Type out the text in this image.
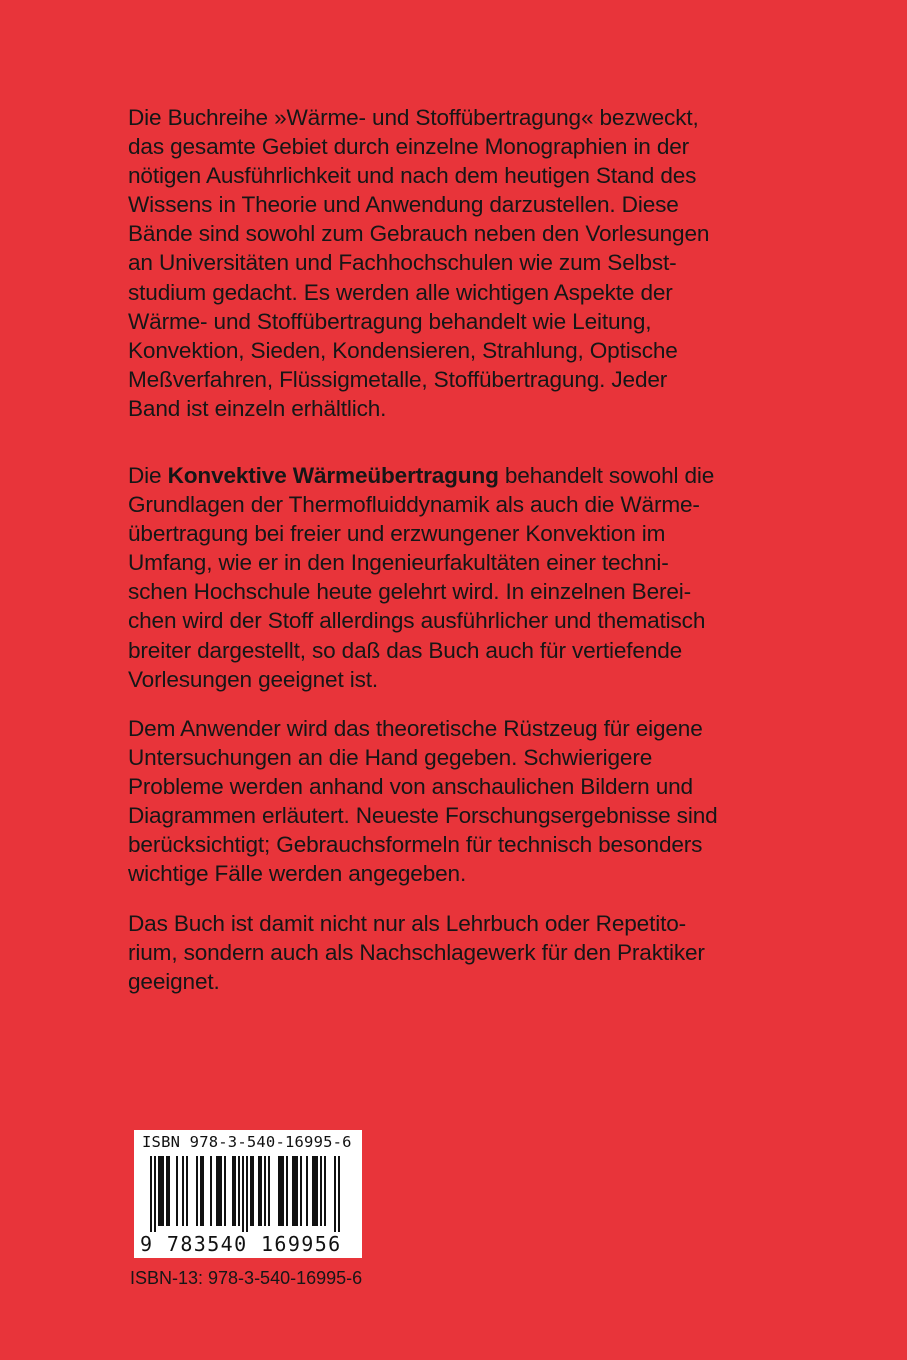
Die Buchreihe »Wärme- und Stoffübertragung« bezweckt,
das gesamte Gebiet durch einzelne Monographien in der
nötigen Ausführlichkeit und nach dem heutigen Stand des
Wissens in Theorie und Anwendung darzustellen. Diese
Bände sind sowohl zum Gebrauch neben den Vorlesungen
an Universitäten und Fachhochschulen wie zum Selbst-
studium gedacht. Es werden alle wichtigen Aspekte der
Wärme- und Stoffübertragung behandelt wie Leitung,
Konvektion, Sieden, Kondensieren, Strahlung, Optische
Meßverfahren, Flüssigmetalle, Stoffübertragung. Jeder
Band ist einzeln erhältlich.
Die Konvektive Wärmeübertragung behandelt sowohl die
Grundlagen der Thermofluiddynamik als auch die Wärme-
übertragung bei freier und erzwungener Konvektion im
Umfang, wie er in den Ingenieurfakultäten einer techni-
schen Hochschule heute gelehrt wird. In einzelnen Berei-
chen wird der Stoff allerdings ausführlicher und thematisch
breiter dargestellt, so daß das Buch auch für vertiefende
Vorlesungen geeignet ist.
Dem Anwender wird das theoretische Rüstzeug für eigene
Untersuchungen an die Hand gegeben. Schwierigere
Probleme werden anhand von anschaulichen Bildern und
Diagrammen erläutert. Neueste Forschungsergebnisse sind
berücksichtigt; Gebrauchsformeln für technisch besonders
wichtige Fälle werden angegeben.
Das Buch ist damit nicht nur als Lehrbuch oder Repetito-
rium, sondern auch als Nachschlagewerk für den Praktiker
geeignet.
ISBN 978-3-540-16995-6
9 783540 169956
ISBN-13: 978-3-540-16995-6
